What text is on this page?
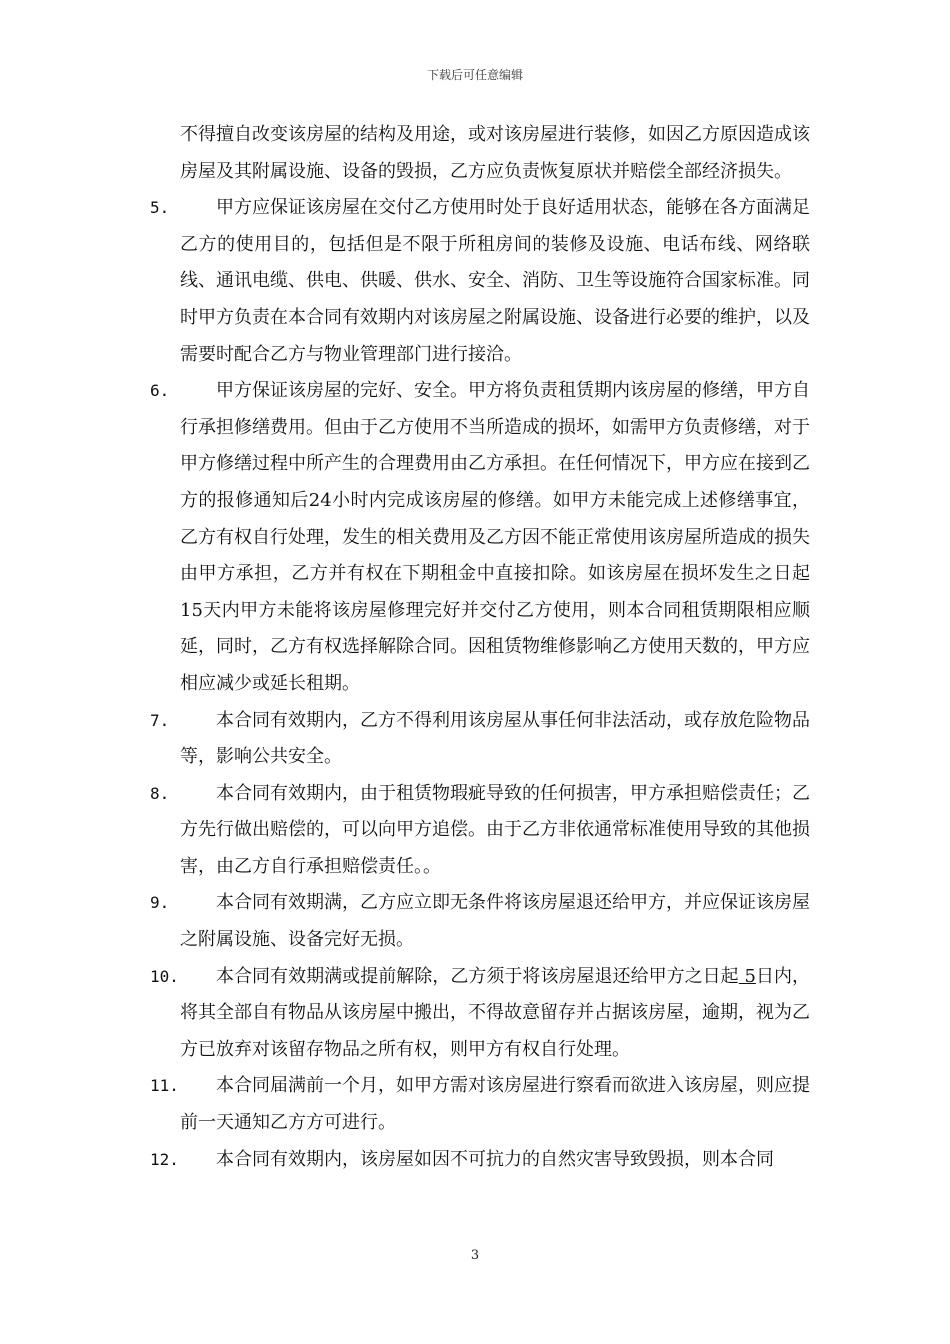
下载后可任意编辑
不得擅自改变该房屋的结构及用途，或对该房屋进行装修，如因乙方原因造成该房屋及其附属设施、设备的毁损，乙方应负责恢复原状并赔偿全部经济损失。
5.	甲方应保证该房屋在交付乙方使用时处于良好适用状态，能够在各方面满足乙方的使用目的，包括但是不限于所租房间的装修及设施、电话布线、网络联线、通讯电缆、供电、供暖、供水、安全、消防、卫生等设施符合国家标准。同时甲方负责在本合同有效期内对该房屋之附属设施、设备进行必要的维护，以及需要时配合乙方与物业管理部门进行接洽。
6.	甲方保证该房屋的完好、安全。甲方将负责租赁期内该房屋的修缮，甲方自行承担修缮费用。但由于乙方使用不当所造成的损坏，如需甲方负责修缮，对于甲方修缮过程中所产生的合理费用由乙方承担。在任何情况下，甲方应在接到乙方的报修通知后24小时内完成该房屋的修缮。如甲方未能完成上述修缮事宜，乙方有权自行处理，发生的相关费用及乙方因不能正常使用该房屋所造成的损失由甲方承担，乙方并有权在下期租金中直接扣除。如该房屋在损坏发生之日起15天内甲方未能将该房屋修理完好并交付乙方使用，则本合同租赁期限相应顺延，同时，乙方有权选择解除合同。因租赁物维修影响乙方使用天数的，甲方应相应减少或延长租期。
7.	本合同有效期内，乙方不得利用该房屋从事任何非法活动，或存放危险物品等，影响公共安全。
8.	本合同有效期内，由于租赁物瑕疵导致的任何损害，甲方承担赔偿责任；乙方先行做出赔偿的，可以向甲方追偿。由于乙方非依通常标准使用导致的其他损害，由乙方自行承担赔偿责任。。
9.	本合同有效期满，乙方应立即无条件将该房屋退还给甲方，并应保证该房屋之附属设施、设备完好无损。
10. 本合同有效期满或提前解除，乙方须于将该房屋退还给甲方之日起 5日内，将其全部自有物品从该房屋中搬出，不得故意留存并占据该房屋，逾期，视为乙方已放弃对该留存物品之所有权，则甲方有权自行处理。
11. 本合同届满前一个月，如甲方需对该房屋进行察看而欲进入该房屋，则应提前一天通知乙方方可进行。
12. 本合同有效期内，该房屋如因不可抗力的自然灾害导致毁损，则本合同
3
